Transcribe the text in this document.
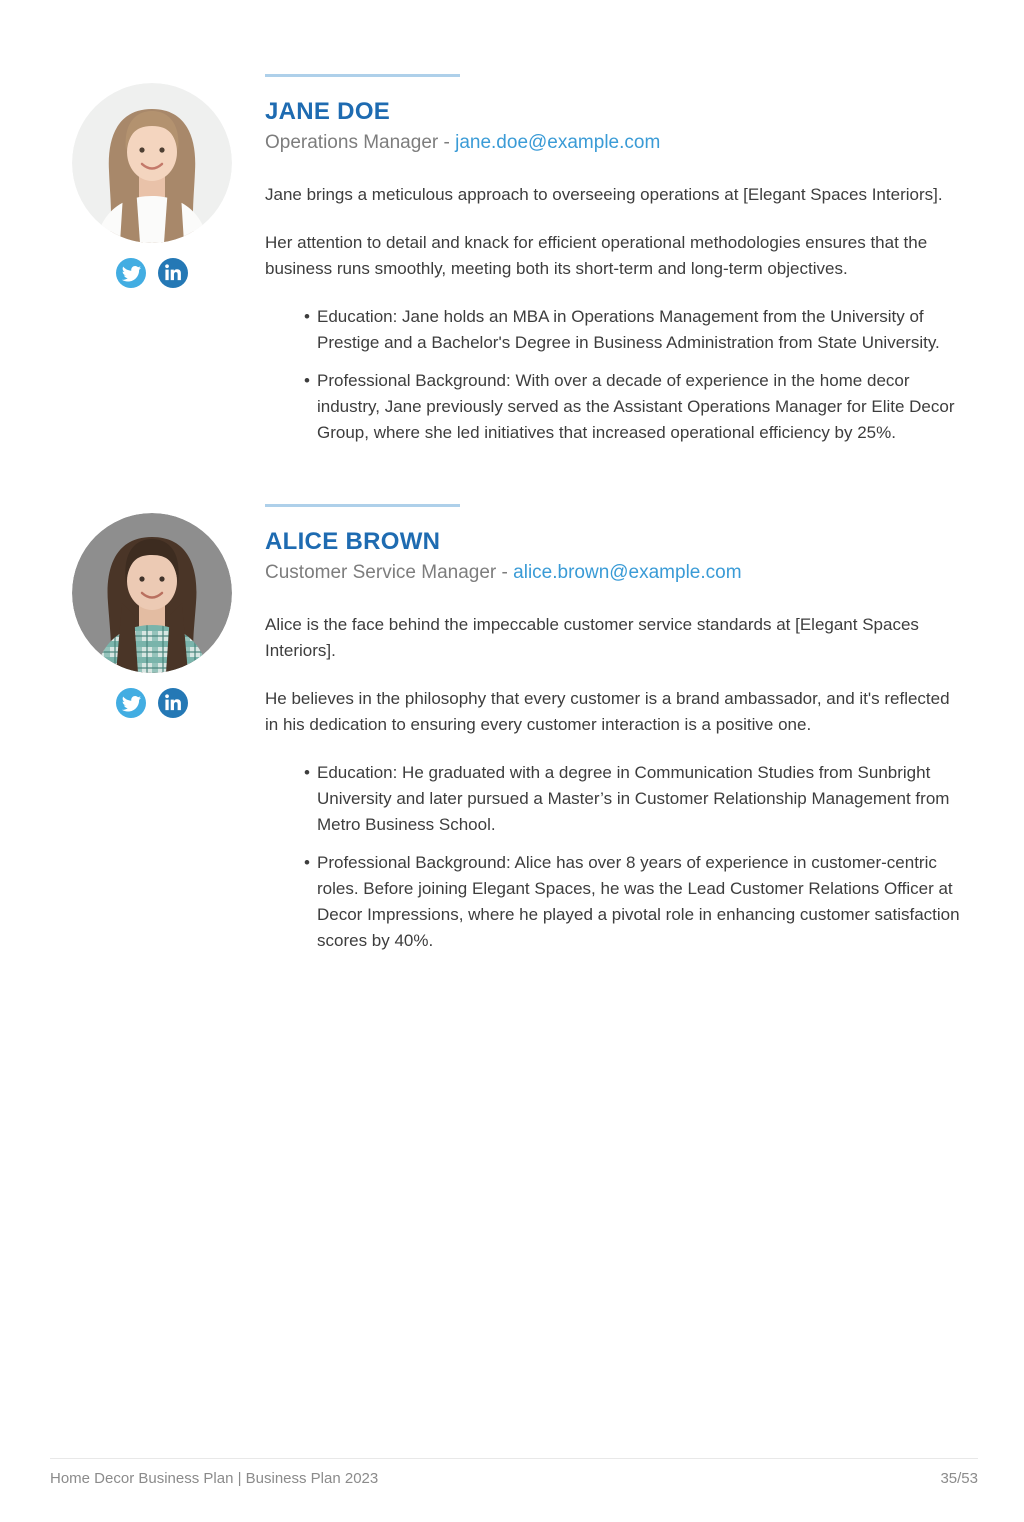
JANE DOE
Operations Manager - jane.doe@example.com

Jane brings a meticulous approach to overseeing operations at [Elegant Spaces Interiors].

Her attention to detail and knack for efficient operational methodologies ensures that the business runs smoothly, meeting both its short-term and long-term objectives.

• Education: Jane holds an MBA in Operations Management from the University of Prestige and a Bachelor's Degree in Business Administration from State University.
• Professional Background: With over a decade of experience in the home decor industry, Jane previously served as the Assistant Operations Manager for Elite Decor Group, where she led initiatives that increased operational efficiency by 25%.
ALICE BROWN
Customer Service Manager - alice.brown@example.com

Alice is the face behind the impeccable customer service standards at [Elegant Spaces Interiors].

He believes in the philosophy that every customer is a brand ambassador, and it's reflected in his dedication to ensuring every customer interaction is a positive one.

• Education: He graduated with a degree in Communication Studies from Sunbright University and later pursued a Master’s in Customer Relationship Management from Metro Business School.
• Professional Background: Alice has over 8 years of experience in customer-centric roles. Before joining Elegant Spaces, he was the Lead Customer Relations Officer at Decor Impressions, where he played a pivotal role in enhancing customer satisfaction scores by 40%.
Home Decor Business Plan | Business Plan 2023	35/53
